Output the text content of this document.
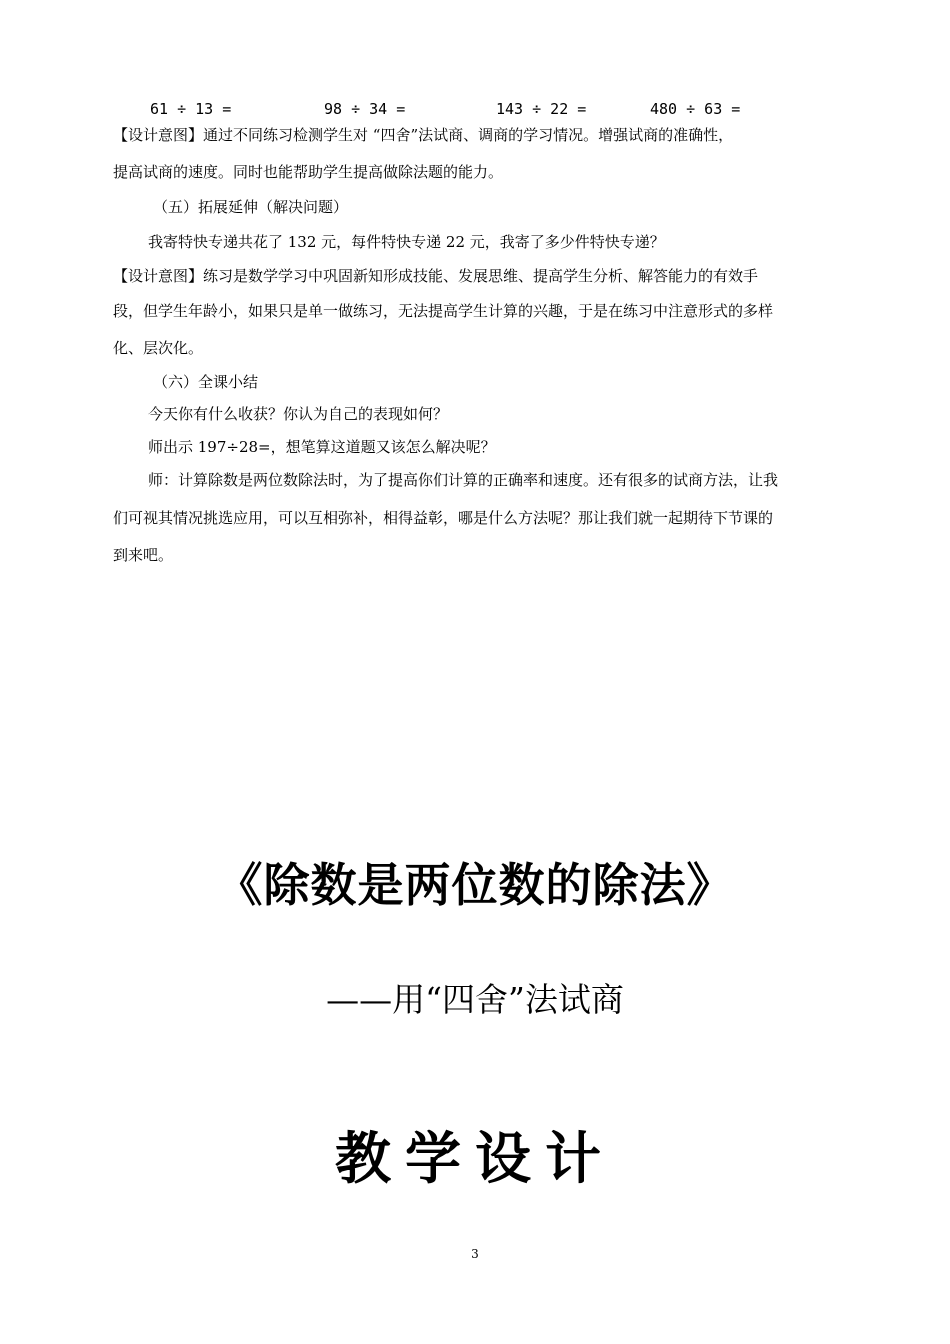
61 ÷ 13 =	98 ÷ 34 =	143 ÷ 22 =	480 ÷ 63 =
【设计意图】通过不同练习检测学生对 “四舍”法试商、调商的学习情况。增强试商的准确性，
提高试商的速度。同时也能帮助学生提高做除法题的能力。
（五）拓展延伸（解决问题）
我寄特快专递共花了 132 元，每件特快专递 22 元，我寄了多少件特快专递？
【设计意图】练习是数学学习中巩固新知形成技能、发展思维、提高学生分析、解答能力的有效手
段，但学生年龄小，如果只是单一做练习，无法提高学生计算的兴趣，于是在练习中注意形式的多样
化、层次化。
（六）全课小结
今天你有什么收获？你认为自己的表现如何？
师出示 197÷28=，想笔算这道题又该怎么解决呢？
师：计算除数是两位数除法时，为了提高你们计算的正确率和速度。还有很多的试商方法，让我
们可视其情况挑选应用，可以互相弥补，相得益彰，哪是什么方法呢？那让我们就一起期待下节课的
到来吧。
《除数是两位数的除法》
——用“四舍”法试商
教学设计
3
